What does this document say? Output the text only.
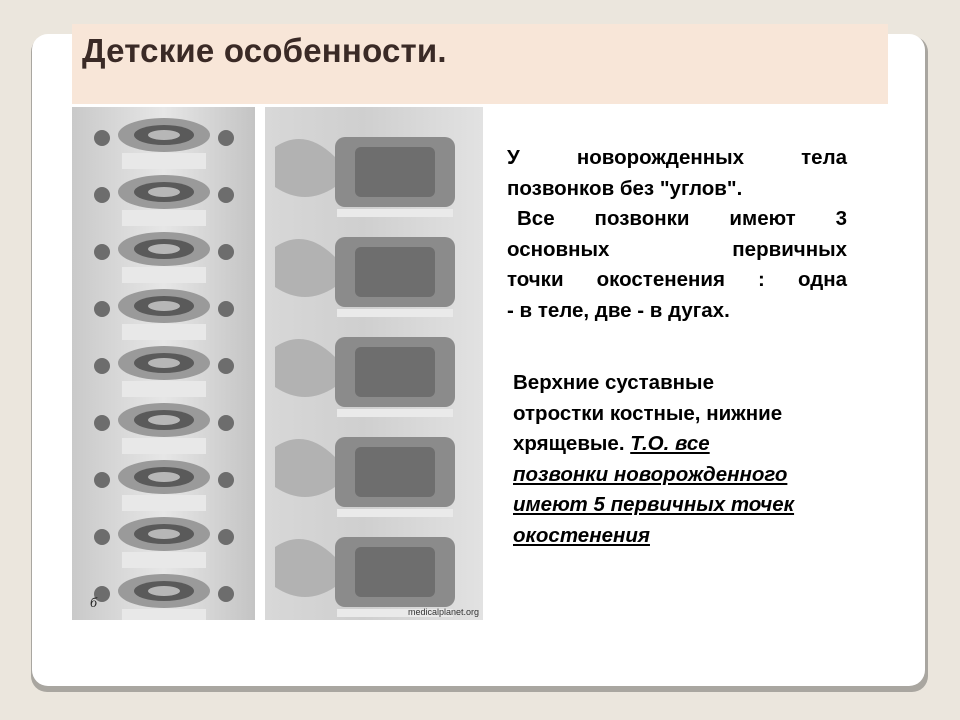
Детские особенности.
б
medicalplanet.org

У новорожденных тела

позвонков без "углов".

Все позвонки имеют 3

основных первичных

точки окостенения : одна

- в теле, две - в дугах.

Верхние суставные
отростки костные, нижние
хрящевые. Т.О. все
позвонки новорожденного
имеют 5 первичных точек
окостенения
